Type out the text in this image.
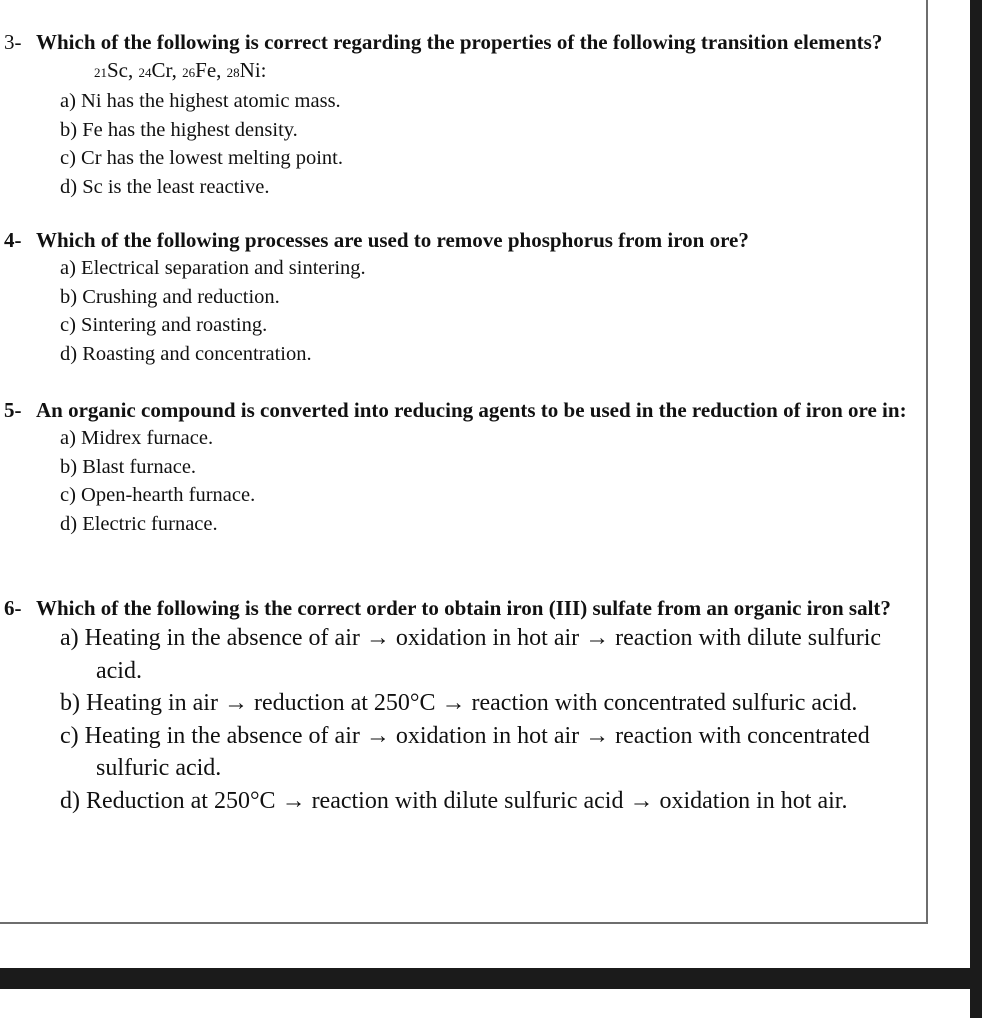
3- Which of the following is correct regarding the properties of the following transition elements? 21Sc, 24Cr, 26Fe, 28Ni:
a) Ni has the highest atomic mass.
b) Fe has the highest density.
c) Cr has the lowest melting point.
d) Sc is the least reactive.
4- Which of the following processes are used to remove phosphorus from iron ore?
a) Electrical separation and sintering.
b) Crushing and reduction.
c) Sintering and roasting.
d) Roasting and concentration.
5- An organic compound is converted into reducing agents to be used in the reduction of iron ore in:
a) Midrex furnace.
b) Blast furnace.
c) Open-hearth furnace.
d) Electric furnace.
6- Which of the following is the correct order to obtain iron (III) sulfate from an organic iron salt?
a) Heating in the absence of air → oxidation in hot air → reaction with dilute sulfuric acid.
b) Heating in air → reduction at 250°C → reaction with concentrated sulfuric acid.
c) Heating in the absence of air → oxidation in hot air → reaction with concentrated sulfuric acid.
d) Reduction at 250°C → reaction with dilute sulfuric acid → oxidation in hot air.
